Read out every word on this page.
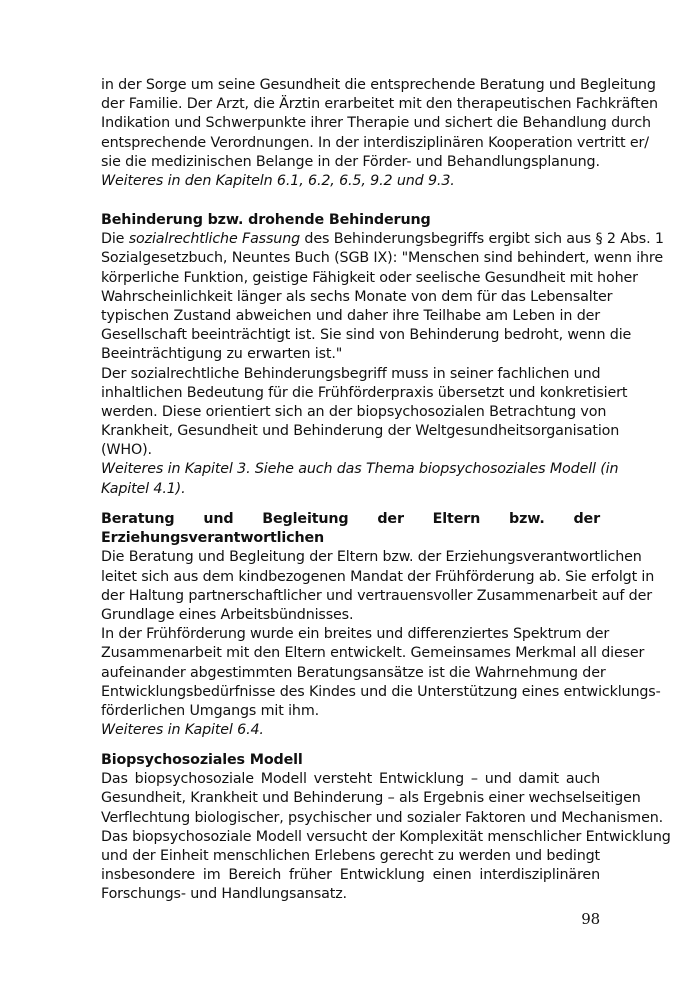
in der Sorge um seine Gesundheit die entsprechende Beratung und Begleitung
der Familie. Der Arzt, die Ärztin erarbeitet mit den therapeutischen Fachkräften
Indikation und Schwerpunkte ihrer Therapie und sichert die Behandlung durch
entsprechende Verordnungen. In der interdisziplinären Kooperation vertritt er/
sie die medizinischen Belange in der Förder- und Behandlungsplanung.
Weiteres in den Kapiteln 6.1, 6.2, 6.5, 9.2 und 9.3.
Behinderung bzw. drohende Behinderung
Die sozialrechtliche Fassung des Behinderungsbegriffs ergibt sich aus § 2 Abs. 1
Sozialgesetzbuch, Neuntes Buch (SGB IX): "Menschen sind behindert, wenn ihre
körperliche Funktion, geistige Fähigkeit oder seelische Gesundheit mit hoher
Wahrscheinlichkeit länger als sechs Monate von dem für das Lebensalter
typischen Zustand abweichen und daher ihre Teilhabe am Leben in der
Gesellschaft beeinträchtigt ist. Sie sind von Behinderung bedroht, wenn die
Beeinträchtigung zu erwarten ist."
Der sozialrechtliche Behinderungsbegriff muss in seiner fachlichen und
inhaltlichen Bedeutung für die Frühförderpraxis übersetzt und konkretisiert
werden. Diese orientiert sich an der biopsychosozialen Betrachtung von
Krankheit, Gesundheit und Behinderung der Weltgesundheitsorganisation
(WHO).
Weiteres in Kapitel 3. Siehe auch das Thema biopsychosoziales Modell (in
Kapitel 4.1).
Beratung und Begleitung der Eltern bzw. der
Erziehungsverantwortlichen
Die Beratung und Begleitung der Eltern bzw. der Erziehungsverantwortlichen
leitet sich aus dem kindbezogenen Mandat der Frühförderung ab. Sie erfolgt in
der Haltung partnerschaftlicher und vertrauensvoller Zusammenarbeit auf der
Grundlage eines Arbeitsbündnisses.
In der Frühförderung wurde ein breites und differenziertes Spektrum der
Zusammenarbeit mit den Eltern entwickelt. Gemeinsames Merkmal all dieser
aufeinander abgestimmten Beratungsansätze ist die Wahrnehmung der
Entwicklungsbedürfnisse des Kindes und die Unterstützung eines entwicklungs-
förderlichen Umgangs mit ihm.
Weiteres in Kapitel 6.4.
Biopsychosoziales Modell
Das biopsychosoziale Modell versteht Entwicklung – und damit auch
Gesundheit, Krankheit und Behinderung – als Ergebnis einer wechselseitigen
Verflechtung biologischer, psychischer und sozialer Faktoren und Mechanismen.
Das biopsychosoziale Modell versucht der Komplexität menschlicher Entwicklung
und der Einheit menschlichen Erlebens gerecht zu werden und bedingt
insbesondere im Bereich früher Entwicklung einen interdisziplinären
Forschungs- und Handlungsansatz.
98
